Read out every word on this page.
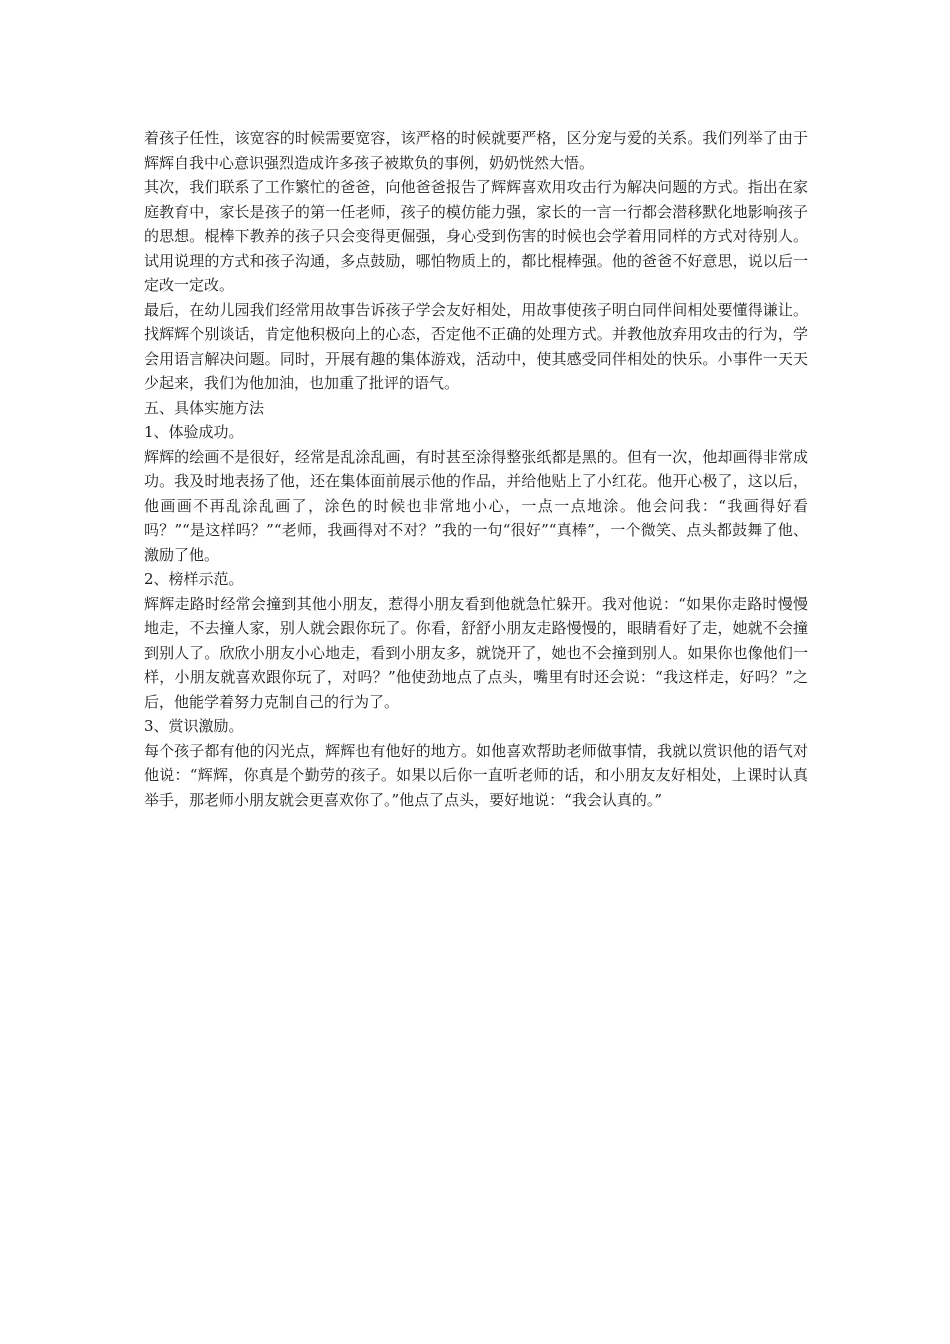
着孩子任性，该宽容的时候需要宽容，该严格的时候就要严格，区分宠与爱的关系。我们列举了由于辉辉自我中心意识强烈造成许多孩子被欺负的事例，奶奶恍然大悟。

其次，我们联系了工作繁忙的爸爸，向他爸爸报告了辉辉喜欢用攻击行为解决问题的方式。指出在家庭教育中，家长是孩子的第一任老师，孩子的模仿能力强，家长的一言一行都会潜移默化地影响孩子的思想。棍棒下教养的孩子只会变得更倔强，身心受到伤害的时候也会学着用同样的方式对待别人。试用说理的方式和孩子沟通，多点鼓励，哪怕物质上的，都比棍棒强。他的爸爸不好意思，说以后一定改一定改。

最后，在幼儿园我们经常用故事告诉孩子学会友好相处，用故事使孩子明白同伴间相处要懂得谦让。找辉辉个别谈话，肯定他积极向上的心态，否定他不正确的处理方式。并教他放弃用攻击的行为，学会用语言解决问题。同时，开展有趣的集体游戏，活动中，使其感受同伴相处的快乐。小事件一天天少起来，我们为他加油，也加重了批评的语气。

五、具体实施方法

1、体验成功。

辉辉的绘画不是很好，经常是乱涂乱画，有时甚至涂得整张纸都是黑的。但有一次，他却画得非常成功。我及时地表扬了他，还在集体面前展示他的作品，并给他贴上了小红花。他开心极了，这以后，他画画不再乱涂乱画了，涂色的时候也非常地小心，一点一点地涂。他会问我：“我画得好看吗？”“是这样吗？”“老师，我画得对不对？”我的一句“很好”“真棒”，一个微笑、点头都鼓舞了他、激励了他。

2、榜样示范。

辉辉走路时经常会撞到其他小朋友，惹得小朋友看到他就急忙躲开。我对他说：“如果你走路时慢慢地走，不去撞人家，别人就会跟你玩了。你看，舒舒小朋友走路慢慢的，眼睛看好了走，她就不会撞到别人了。欣欣小朋友小心地走，看到小朋友多，就饶开了，她也不会撞到别人。如果你也像他们一样，小朋友就喜欢跟你玩了，对吗？”他使劲地点了点头，嘴里有时还会说：“我这样走，好吗？”之后，他能学着努力克制自己的行为了。

3、赏识激励。

每个孩子都有他的闪光点，辉辉也有他好的地方。如他喜欢帮助老师做事情，我就以赏识他的语气对他说：“辉辉，你真是个勤劳的孩子。如果以后你一直听老师的话，和小朋友友好相处，上课时认真举手，那老师小朋友就会更喜欢你了。”他点了点头，要好地说：“我会认真的。”
